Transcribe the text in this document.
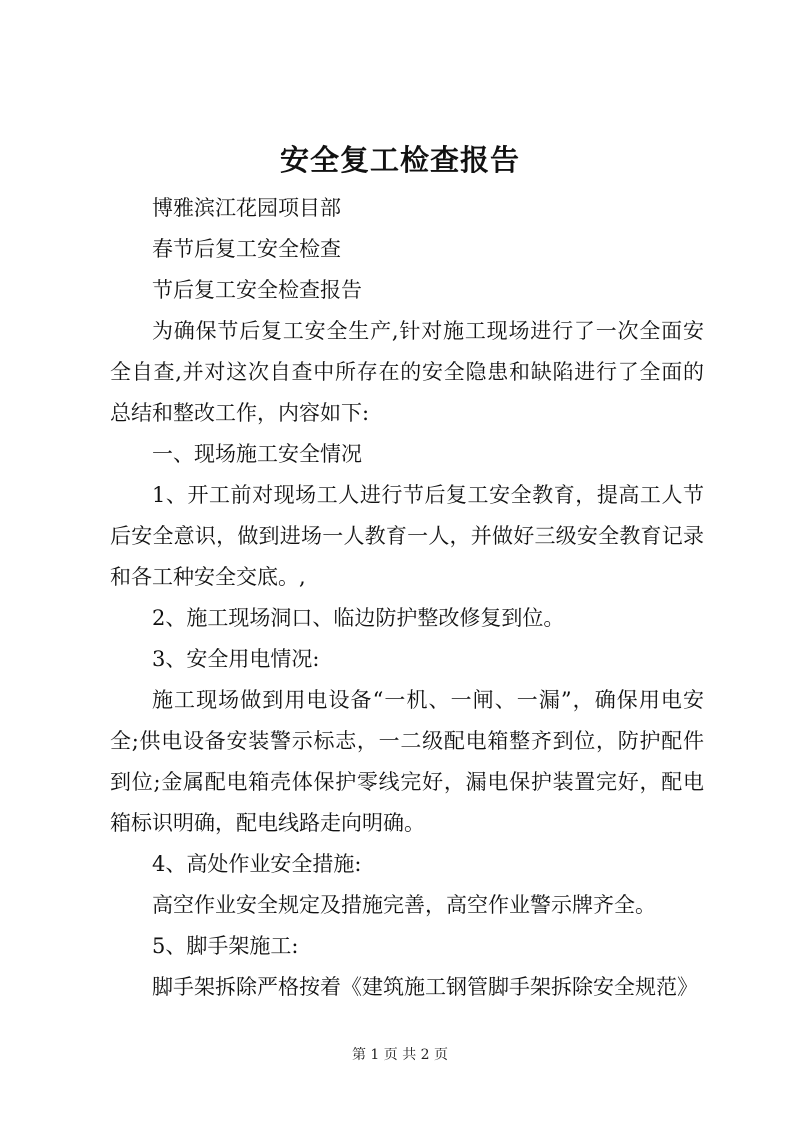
安全复工检查报告

博雅滨江花园项目部

春节后复工安全检查

节后复工安全检查报告

为确保节后复工安全生产,针对施工现场进行了一次全面安全自查,并对这次自查中所存在的安全隐患和缺陷进行了全面的总结和整改工作，内容如下:

一、现场施工安全情况

1、开工前对现场工人进行节后复工安全教育，提高工人节后安全意识，做到进场一人教育一人，并做好三级安全教育记录和各工种安全交底。,

2、施工现场洞口、临边防护整改修复到位。

3、安全用电情况:

施工现场做到用电设备“一机、一闸、一漏”，确保用电安全;供电设备安装警示标志，一二级配电箱整齐到位，防护配件到位;金属配电箱壳体保护零线完好，漏电保护装置完好，配电箱标识明确，配电线路走向明确。

4、高处作业安全措施:

高空作业安全规定及措施完善，高空作业警示牌齐全。

5、脚手架施工:

脚手架拆除严格按着《建筑施工钢管脚手架拆除安全规范》

第 1 页 共 2 页
